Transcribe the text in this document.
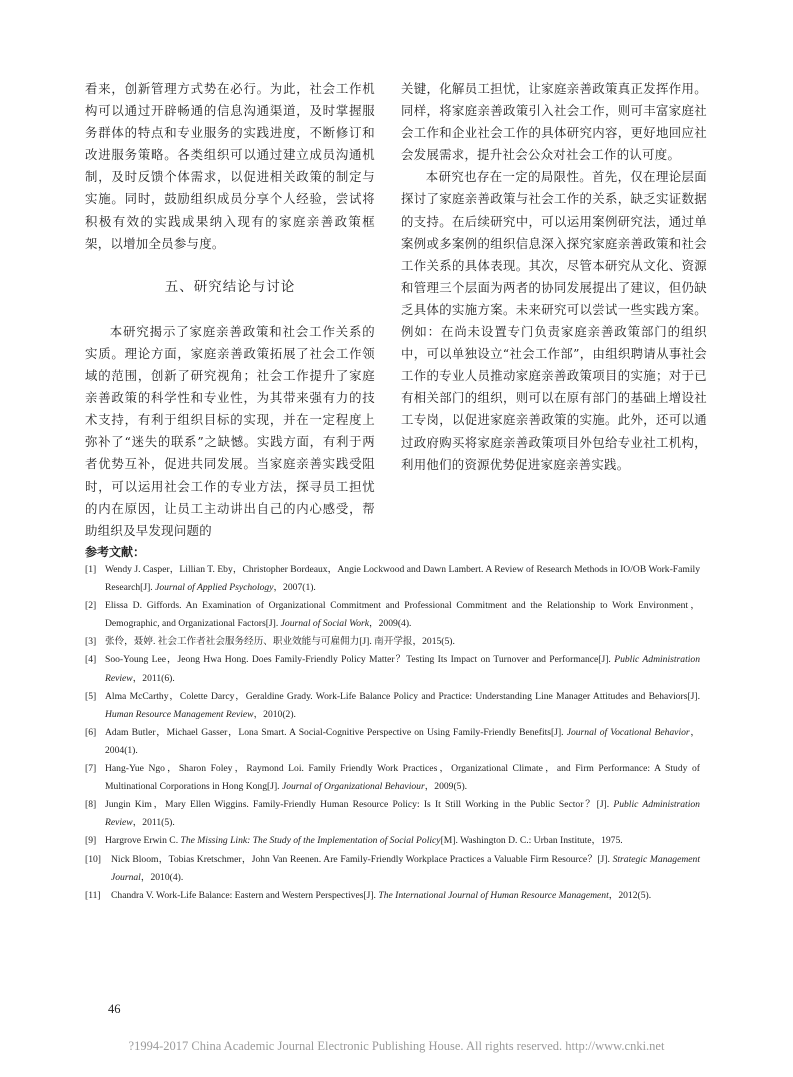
看来，创新管理方式势在必行。为此，社会工作机构可以通过开辟畅通的信息沟通渠道，及时掌握服务群体的特点和专业服务的实践进度，不断修订和改进服务策略。各类组织可以通过建立成员沟通机制，及时反馈个体需求，以促进相关政策的制定与实施。同时，鼓励组织成员分享个人经验，尝试将积极有效的实践成果纳入现有的家庭亲善政策框架，以增加全员参与度。

五、研究结论与讨论

本研究揭示了家庭亲善政策和社会工作关系的实质。理论方面，家庭亲善政策拓展了社会工作领域的范围，创新了研究视角；社会工作提升了家庭亲善政策的科学性和专业性，为其带来强有力的技术支持，有利于组织目标的实现，并在一定程度上弥补了“迷失的联系”之缺憾。实践方面，有利于两者优势互补，促进共同发展。当家庭亲善实践受阻时，可以运用社会工作的专业方法，探寻员工担忧的内在原因，让员工主动讲出自己的内心感受，帮助组织及早发现问题的

关键，化解员工担忧，让家庭亲善政策真正发挥作用。同样，将家庭亲善政策引入社会工作，则可丰富家庭社会工作和企业社会工作的具体研究内容，更好地回应社会发展需求，提升社会公众对社会工作的认可度。

本研究也存在一定的局限性。首先，仅在理论层面探讨了家庭亲善政策与社会工作的关系，缺乏实证数据的支持。在后续研究中，可以运用案例研究法，通过单案例或多案例的组织信息深入探究家庭亲善政策和社会工作关系的具体表现。其次，尽管本研究从文化、资源和管理三个层面为两者的协同发展提出了建议，但仍缺乏具体的实施方案。未来研究可以尝试一些实践方案。例如：在尚未设置专门负责家庭亲善政策部门的组织中，可以单独设立“社会工作部”，由组织聘请从事社会工作的专业人员推动家庭亲善政策项目的实施；对于已有相关部门的组织，则可以在原有部门的基础上增设社工专岗，以促进家庭亲善政策的实施。此外，还可以通过政府购买将家庭亲善政策项目外包给专业社工机构，利用他们的资源优势促进家庭亲善实践。

参考文献：
[1] Wendy J. Casper，Lillian T. Eby，Christopher Bordeaux，Angie Lockwood and Dawn Lambert. A Review of Research Methods in IO/OB Work-Family Research[J]. Journal of Applied Psychology，2007(1).
[2] Elissa D. Giffords. An Examination of Organizational Commitment and Professional Commitment and the Relationship to Work Environment，Demographic, and Organizational Factors[J]. Journal of Social Work，2009(4).
[3] 张伶，聂婷. 社会工作者社会服务经历、职业效能与可雇佣力[J]. 南开学报，2015(5).
[4] Soo-Young Lee，Jeong Hwa Hong. Does Family-Friendly Policy Matter？Testing Its Impact on Turnover and Performance[J]. Public Administration Review，2011(6).
[5] Alma McCarthy，Colette Darcy，Geraldine Grady. Work-Life Balance Policy and Practice: Understanding Line Manager Attitudes and Behaviors[J]. Human Resource Management Review，2010(2).
[6] Adam Butler，Michael Gasser，Lona Smart. A Social-Cognitive Perspective on Using Family-Friendly Benefits[J]. Journal of Vocational Behavior，2004(1).
[7] Hang-Yue Ngo，Sharon Foley，Raymond Loi. Family Friendly Work Practices，Organizational Climate，and Firm Performance: A Study of Multinational Corporations in Hong Kong[J]. Journal of Organizational Behaviour，2009(5).
[8] Jungin Kim，Mary Ellen Wiggins. Family-Friendly Human Resource Policy: Is It Still Working in the Public Sector？[J]. Public Administration Review，2011(5).
[9] Hargrove Erwin C. The Missing Link: The Study of the Implementation of Social Policy[M]. Washington D. C.: Urban Institute，1975.
[10] Nick Bloom，Tobias Kretschmer，John Van Reenen. Are Family-Friendly Workplace Practices a Valuable Firm Resource？[J]. Strategic Management Journal，2010(4).
[11] Chandra V. Work-Life Balance: Eastern and Western Perspectives[J]. The International Journal of Human Resource Management，2012(5).
46
?1994-2017 China Academic Journal Electronic Publishing House. All rights reserved. http://www.cnki.net
